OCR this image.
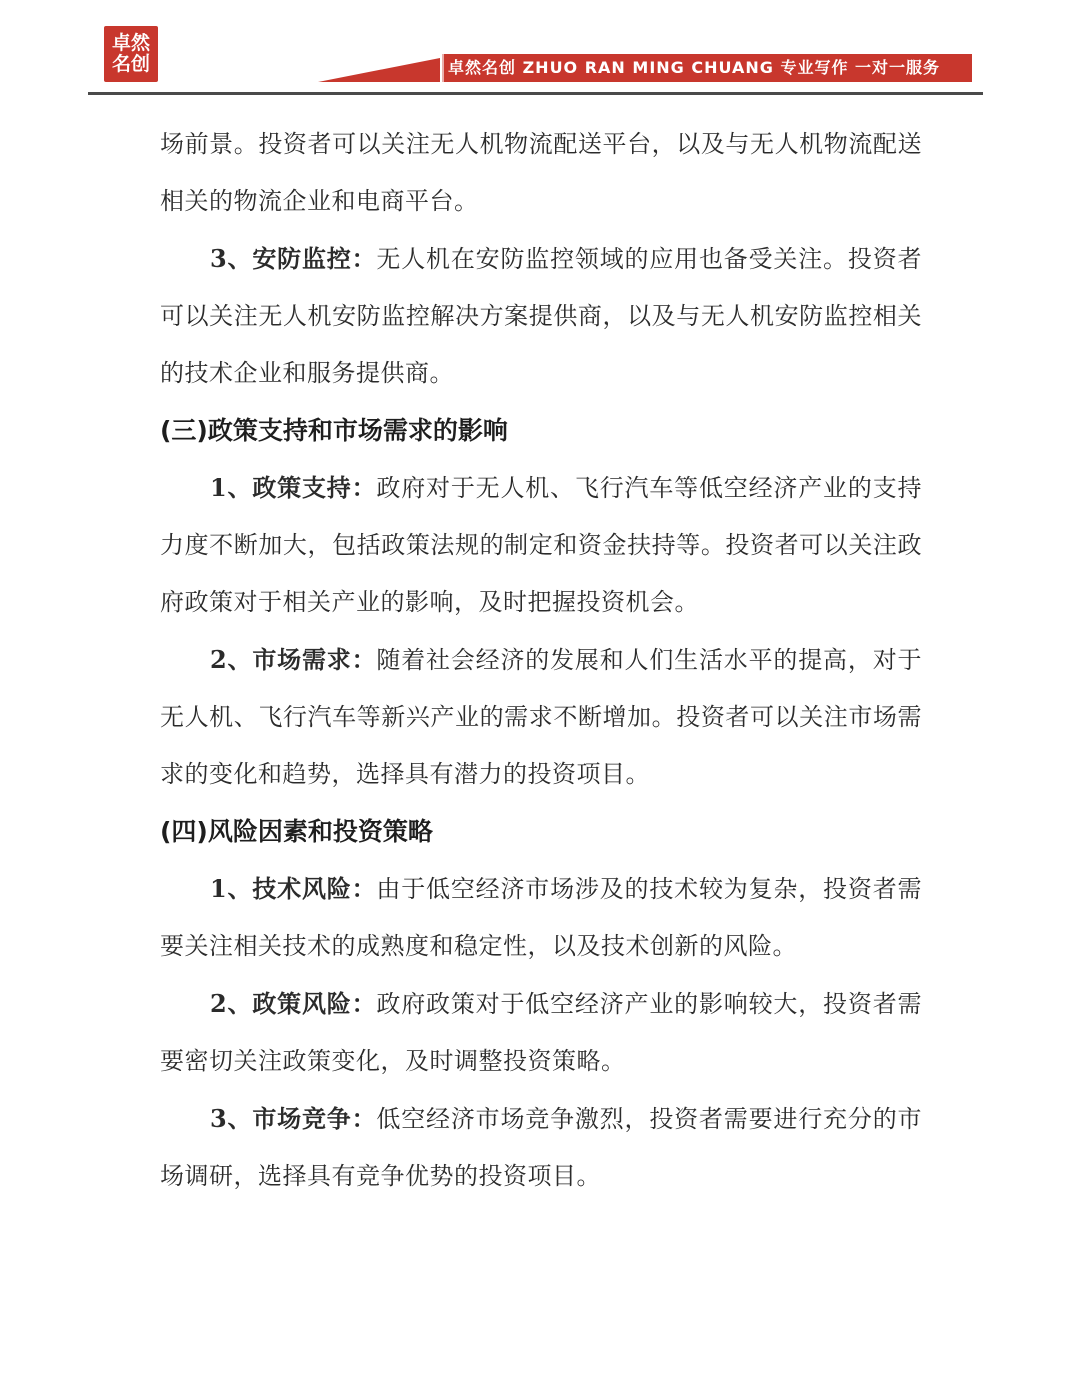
卓然
名创	卓然名创 ZHUO RAN MING CHUANG 专业写作 一对一服务

场前景。投资者可以关注无人机物流配送平台，以及与无人机物流配送相关的物流企业和电商平台。

3、安防监控：无人机在安防监控领域的应用也备受关注。投资者可以关注无人机安防监控解决方案提供商，以及与无人机安防监控相关的技术企业和服务提供商。

(三)政策支持和市场需求的影响

1、政策支持：政府对于无人机、飞行汽车等低空经济产业的支持力度不断加大，包括政策法规的制定和资金扶持等。投资者可以关注政府政策对于相关产业的影响，及时把握投资机会。

2、市场需求：随着社会经济的发展和人们生活水平的提高，对于无人机、飞行汽车等新兴产业的需求不断增加。投资者可以关注市场需求的变化和趋势，选择具有潜力的投资项目。

(四)风险因素和投资策略

1、技术风险：由于低空经济市场涉及的技术较为复杂，投资者需要关注相关技术的成熟度和稳定性，以及技术创新的风险。

2、政策风险：政府政策对于低空经济产业的影响较大，投资者需要密切关注政策变化，及时调整投资策略。

3、市场竞争：低空经济市场竞争激烈，投资者需要进行充分的市场调研，选择具有竞争优势的投资项目。
